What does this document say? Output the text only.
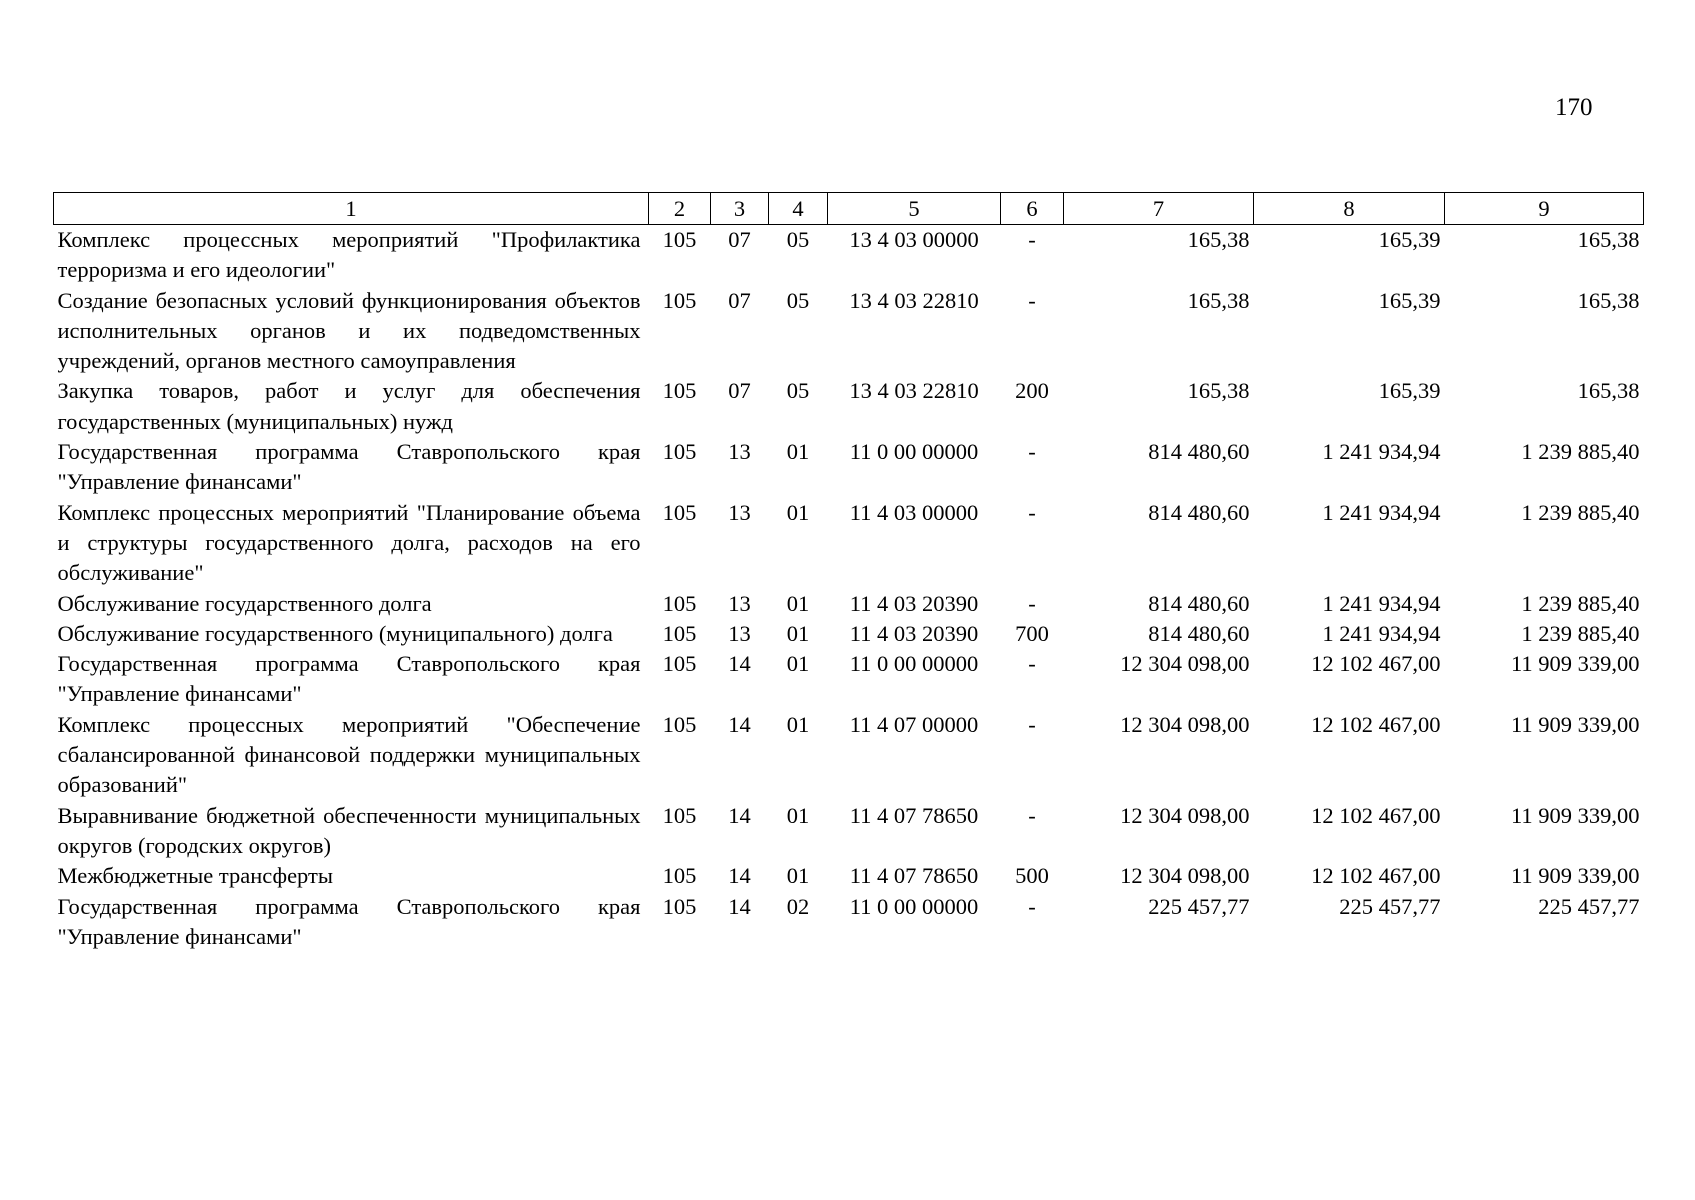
170
1	2	3	4	5	6	7	8	9
Комплекс процессных мероприятий "Профилактика терроризма и его идеологии"	105	07	05	13 4 03 00000	-	165,38	165,39	165,38
Создание безопасных условий функционирования объектов исполнительных органов и их подведомственных учреждений, органов местного самоуправления	105	07	05	13 4 03 22810	-	165,38	165,39	165,38
Закупка товаров, работ и услуг для обеспечения государственных (муниципальных) нужд	105	07	05	13 4 03 22810	200	165,38	165,39	165,38
Государственная программа Ставропольского края "Управление финансами"	105	13	01	11 0 00 00000	-	814 480,60	1 241 934,94	1 239 885,40
Комплекс процессных мероприятий "Планирование объема и структуры государственного долга, расходов на его обслуживание"	105	13	01	11 4 03 00000	-	814 480,60	1 241 934,94	1 239 885,40
Обслуживание государственного долга	105	13	01	11 4 03 20390	-	814 480,60	1 241 934,94	1 239 885,40
Обслуживание государственного (муниципального) долга	105	13	01	11 4 03 20390	700	814 480,60	1 241 934,94	1 239 885,40
Государственная программа Ставропольского края "Управление финансами"	105	14	01	11 0 00 00000	-	12 304 098,00	12 102 467,00	11 909 339,00
Комплекс процессных мероприятий "Обеспечение сбалансированной финансовой поддержки муниципальных образований"	105	14	01	11 4 07 00000	-	12 304 098,00	12 102 467,00	11 909 339,00
Выравнивание бюджетной обеспеченности муниципальных округов (городских округов)	105	14	01	11 4 07 78650	-	12 304 098,00	12 102 467,00	11 909 339,00
Межбюджетные трансферты	105	14	01	11 4 07 78650	500	12 304 098,00	12 102 467,00	11 909 339,00
Государственная программа Ставропольского края "Управление финансами"	105	14	02	11 0 00 00000	-	225 457,77	225 457,77	225 457,77
